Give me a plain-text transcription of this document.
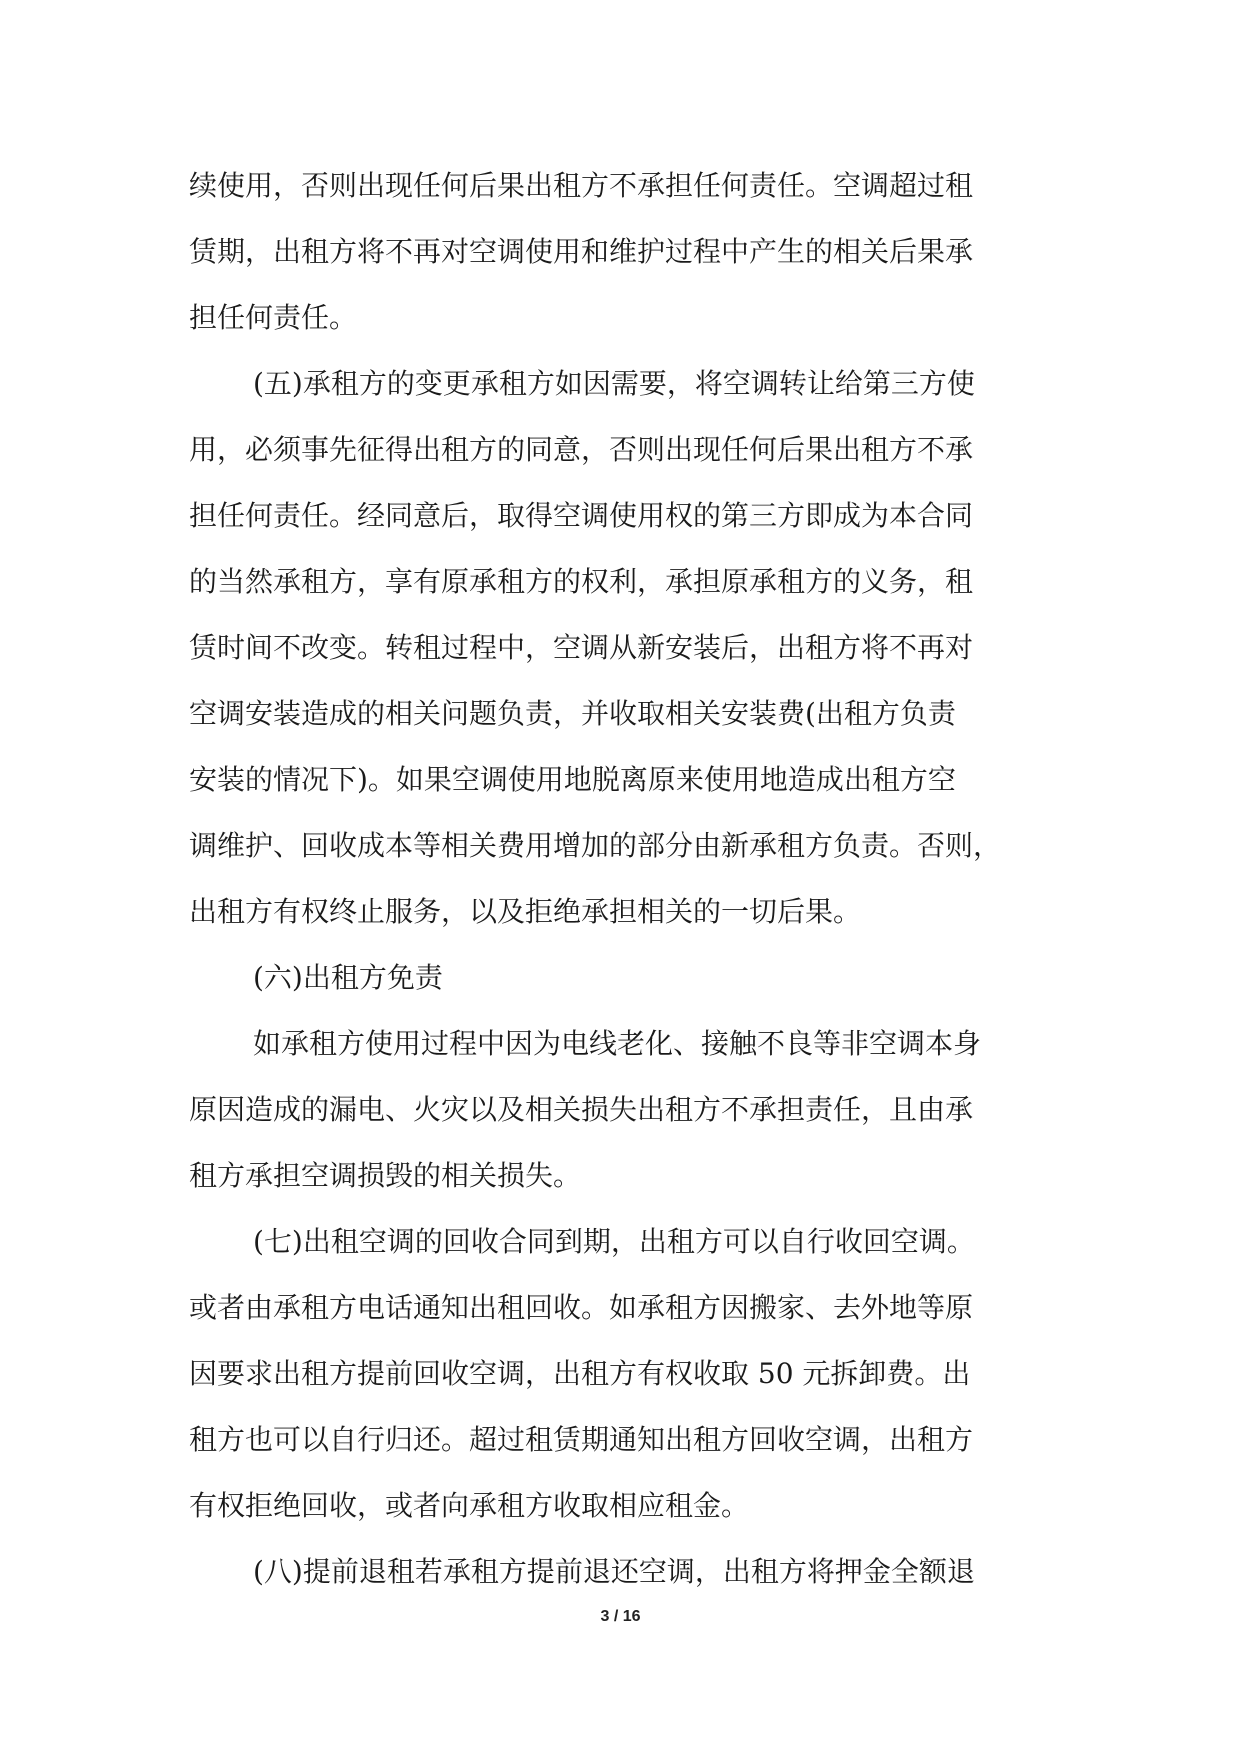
续使用，否则出现任何后果出租方不承担任何责任。空调超过租
赁期，出租方将不再对空调使用和维护过程中产生的相关后果承
担任何责任。
(五)承租方的变更承租方如因需要，将空调转让给第三方使
用，必须事先征得出租方的同意，否则出现任何后果出租方不承
担任何责任。经同意后，取得空调使用权的第三方即成为本合同
的当然承租方，享有原承租方的权利，承担原承租方的义务，租
赁时间不改变。转租过程中，空调从新安装后，出租方将不再对
空调安装造成的相关问题负责，并收取相关安装费(出租方负责
安装的情况下)。如果空调使用地脱离原来使用地造成出租方空
调维护、回收成本等相关费用增加的部分由新承租方负责。否则，
出租方有权终止服务，以及拒绝承担相关的一切后果。
(六)出租方免责
如承租方使用过程中因为电线老化、接触不良等非空调本身
原因造成的漏电、火灾以及相关损失出租方不承担责任，且由承
租方承担空调损毁的相关损失。
(七)出租空调的回收合同到期，出租方可以自行收回空调。
或者由承租方电话通知出租回收。如承租方因搬家、去外地等原
因要求出租方提前回收空调，出租方有权收取 50 元拆卸费。出
租方也可以自行归还。超过租赁期通知出租方回收空调，出租方
有权拒绝回收，或者向承租方收取相应租金。
(八)提前退租若承租方提前退还空调，出租方将押金全额退
3 / 16
